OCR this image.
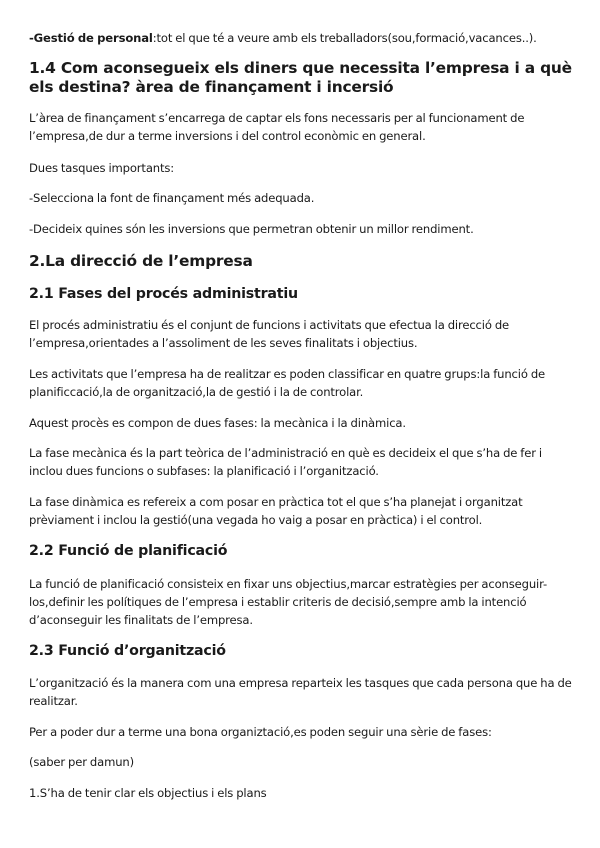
-Gestió de personal:tot el que té a veure amb els treballadors(sou,formació,vacances..).

1.4 Com aconsegueix els diners que necessita l’empresa i a què els destina? àrea de finançament i incersió

L’àrea de finançament s’encarrega de captar els fons necessaris per al funcionament de l’empresa,de dur a terme inversions i del control econòmic en general.

Dues tasques importants:

-Selecciona la font de finançament més adequada.

-Decideix quines són les inversions que permetran obtenir un millor rendiment.

2.La direcció de l’empresa
2.1 Fases del procés administratiu

El procés administratiu és el conjunt de funcions i activitats que efectua la direcció de l’empresa,orientades a l’assoliment de les seves finalitats i objectius.

Les activitats que l’empresa ha de realitzar es poden classificar en quatre grups:la funció de planificcació,la de organització,la de gestió i la de controlar.

Aquest procès es compon de dues fases: la mecànica i la dinàmica.

La fase mecànica és la part teòrica de l’administració en què es decideix el que s’ha de fer i inclou dues funcions o subfases: la planificació i l’organització.

La fase dinàmica es refereix a com posar en pràctica tot el que s’ha planejat i organitzat prèviament i inclou la gestió(una vegada ho vaig a posar en pràctica) i el control.

2.2 Funció de planificació

La funció de planificació consisteix en fixar uns objectius,marcar estratègies per aconseguir-los,definir les polítiques de l’empresa i establir criteris de decisió,sempre amb la intenció d’aconseguir les finalitats de l’empresa.

2.3 Funció d’organització

L’organització és la manera com una empresa reparteix les tasques que cada persona que ha de realitzar.

Per a poder dur a terme una bona organiztació,es poden seguir una sèrie de fases:

(saber per damun)

1.S’ha de tenir clar els objectius i els plans
